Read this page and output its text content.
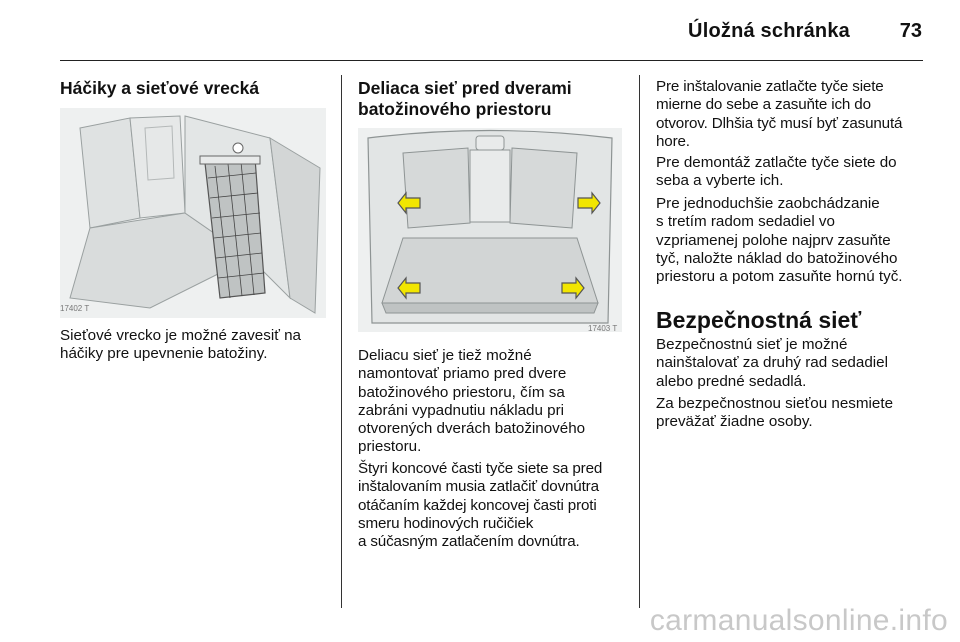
Úložná schránka	73
Háčiky a sieťové vrecká
17402 T

Sieťové vrecko je možné zavesiť na háčiky pre upevnenie batožiny.

Deliaca sieť pred dverami
batožinového priestoru
17403 T
Deliacu sieť je tiež možné
namontovať priamo pred dvere
batožinového priestoru, čím sa
zabráni vypadnutiu nákladu pri
otvorených dverách batožinového
priestoru.
Štyri koncové časti tyče siete sa pred
inštalovaním musia zatlačiť dovnútra
otáčaním každej koncovej časti proti
smeru hodinových ručičiek
a súčasným zatlačením dovnútra.
Pre inštalovanie zatlačte tyče siete
mierne do sebe a zasuňte ich do
otvorov. Dlhšia tyč musí byť zasunutá
hore.
Pre demontáž zatlačte tyče siete do
seba a vyberte ich.
Pre jednoduchšie zaobchádzanie
s tretím radom sedadiel vo
vzpriamenej polohe najprv zasuňte
tyč, naložte náklad do batožinového
priestoru a potom zasuňte hornú tyč.
Bezpečnostná sieť
Bezpečnostnú sieť je možné
nainštalovať za druhý rad sedadiel
alebo predné sedadlá.
Za bezpečnostnou sieťou nesmiete
preväžať žiadne osoby.
carmanualsonline.info
